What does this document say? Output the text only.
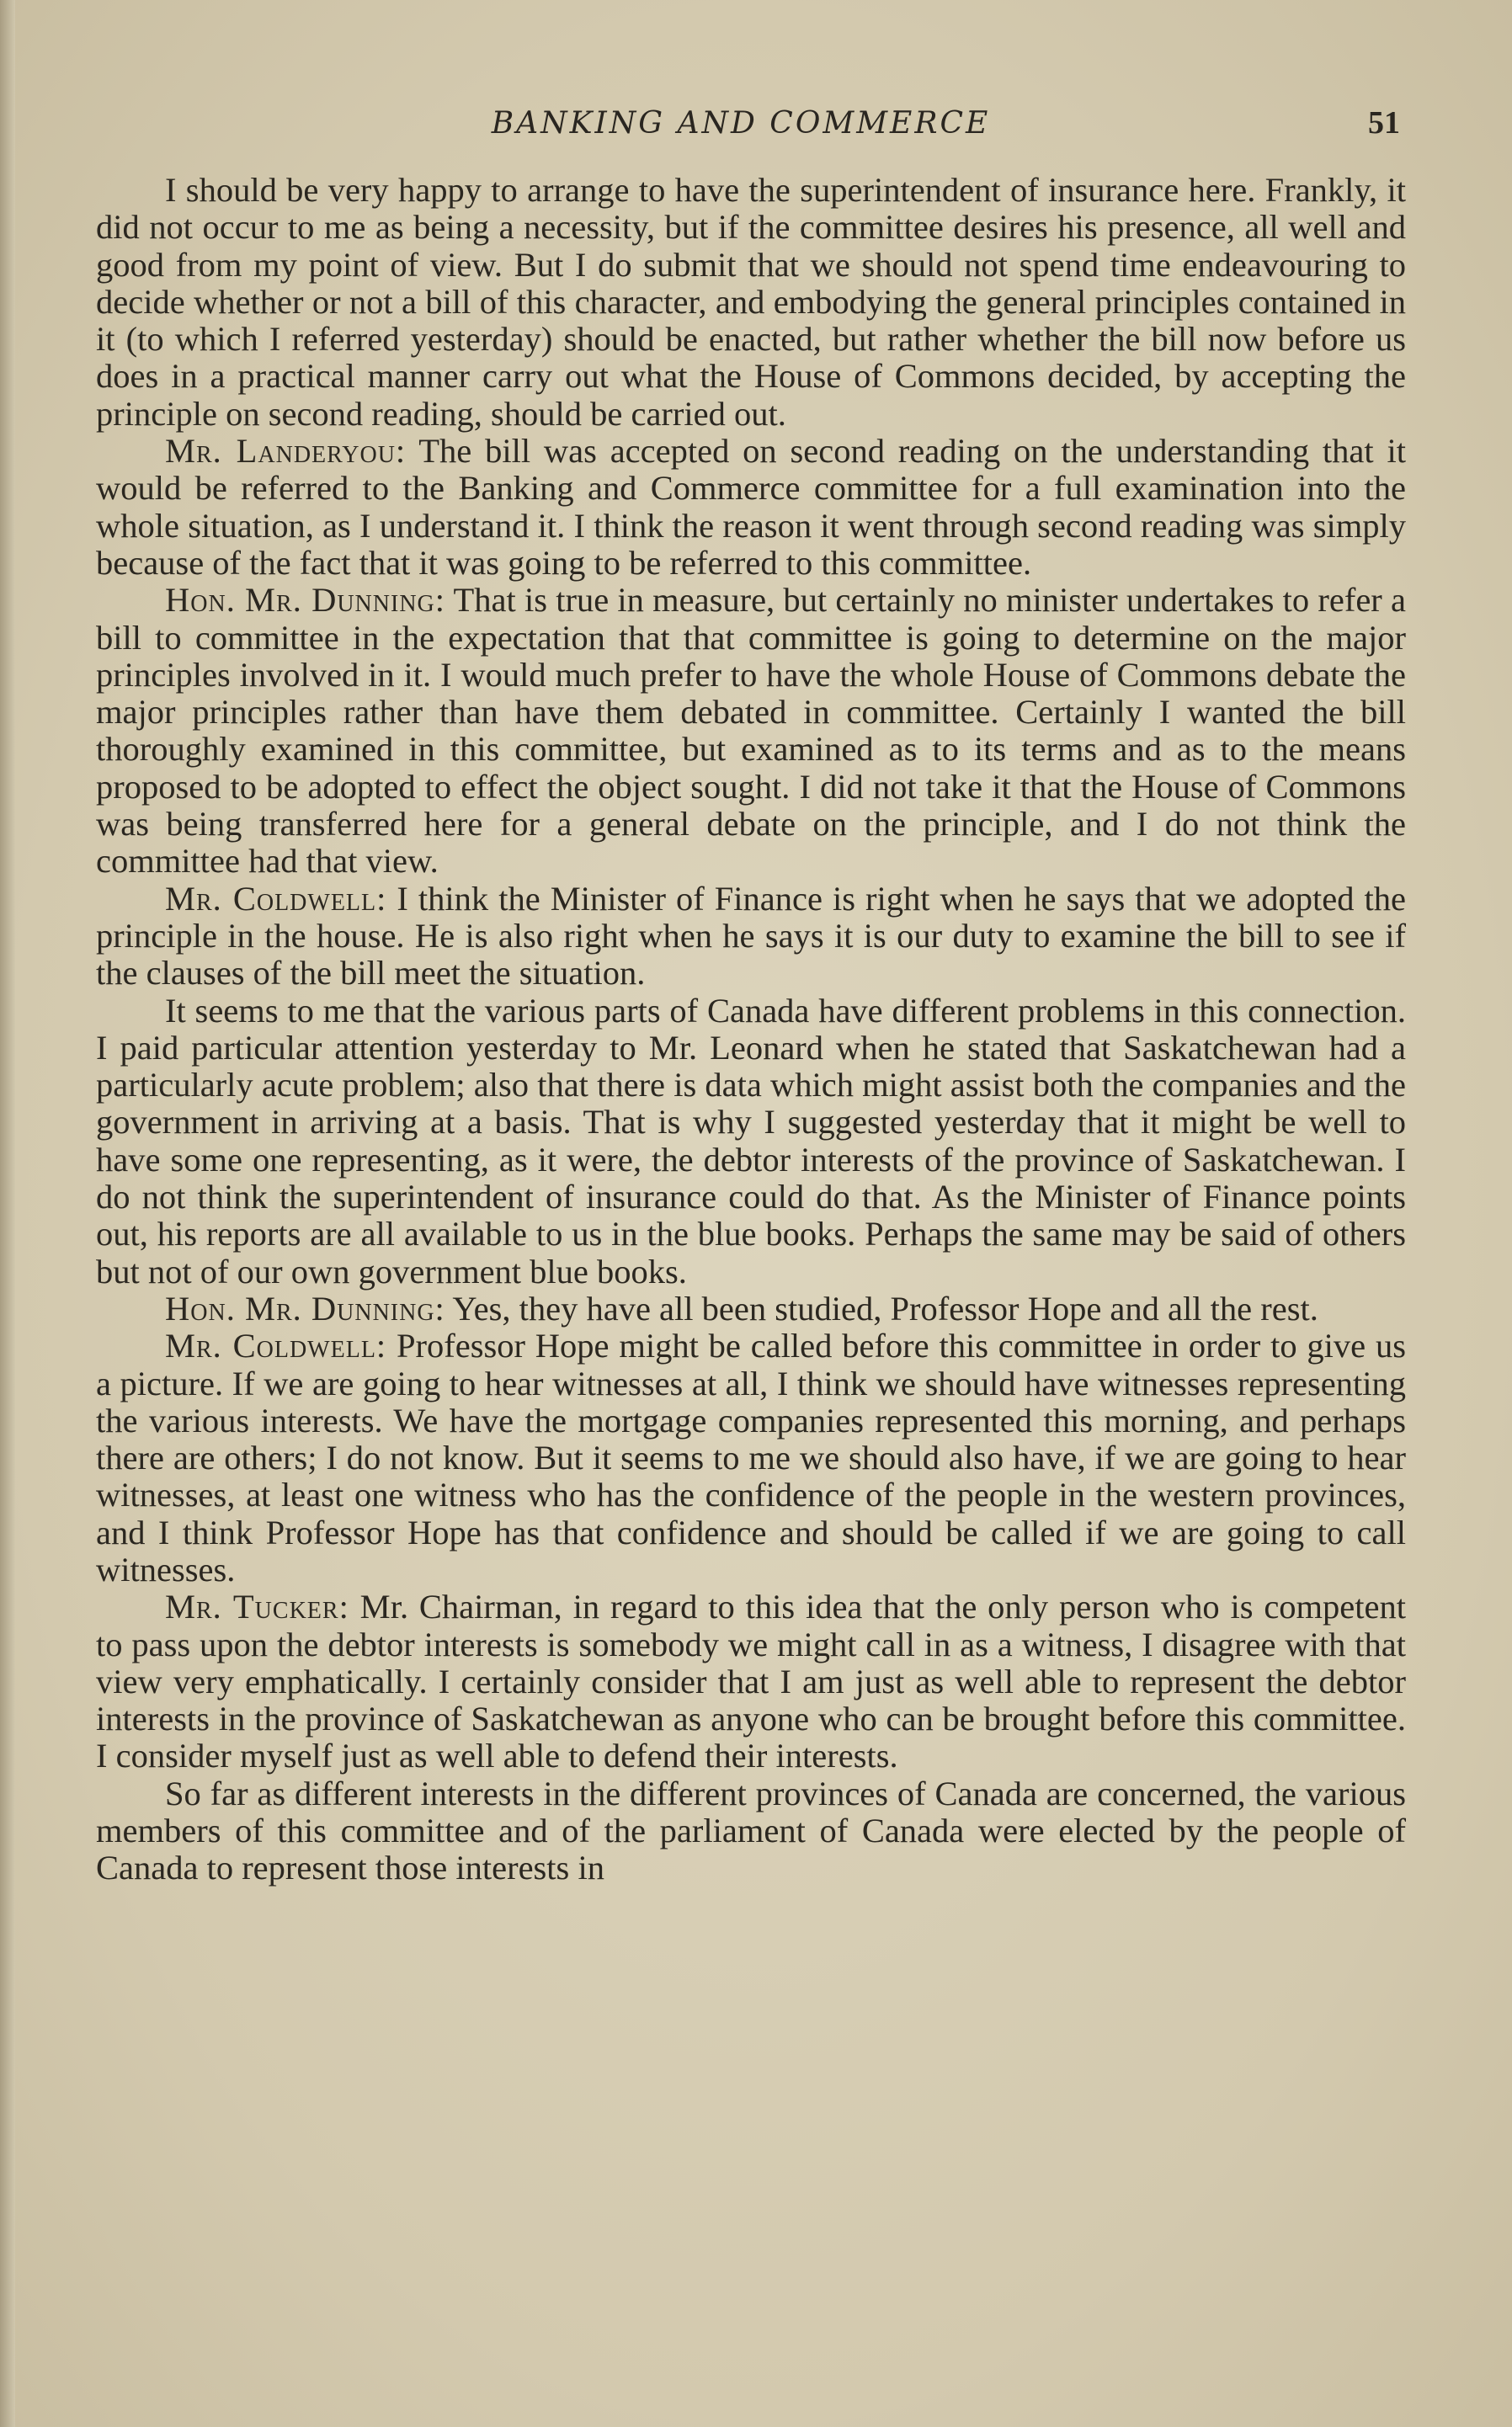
BANKING AND COMMERCE	51

I should be very happy to arrange to have the superintendent of insurance here. Frankly, it did not occur to me as being a necessity, but if the committee desires his presence, all well and good from my point of view. But I do submit that we should not spend time endeavouring to decide whether or not a bill of this character, and embodying the general principles contained in it (to which I referred yesterday) should be enacted, but rather whether the bill now before us does in a practical manner carry out what the House of Commons decided, by accepting the principle on second reading, should be carried out.

Mr. Landeryou: The bill was accepted on second reading on the understanding that it would be referred to the Banking and Commerce committee for a full examination into the whole situation, as I understand it. I think the reason it went through second reading was simply because of the fact that it was going to be referred to this committee.

Hon. Mr. Dunning: That is true in measure, but certainly no minister undertakes to refer a bill to committee in the expectation that that committee is going to determine on the major principles involved in it. I would much prefer to have the whole House of Commons debate the major principles rather than have them debated in committee. Certainly I wanted the bill thoroughly examined in this committee, but examined as to its terms and as to the means proposed to be adopted to effect the object sought. I did not take it that the House of Commons was being transferred here for a general debate on the principle, and I do not think the committee had that view.

Mr. Coldwell: I think the Minister of Finance is right when he says that we adopted the principle in the house. He is also right when he says it is our duty to examine the bill to see if the clauses of the bill meet the situation.

It seems to me that the various parts of Canada have different problems in this connection. I paid particular attention yesterday to Mr. Leonard when he stated that Saskatchewan had a particularly acute problem; also that there is data which might assist both the companies and the government in arriving at a basis. That is why I suggested yesterday that it might be well to have some one representing, as it were, the debtor interests of the province of Saskatchewan. I do not think the superintendent of insurance could do that. As the Minister of Finance points out, his reports are all available to us in the blue books. Perhaps the same may be said of others but not of our own government blue books.

Hon. Mr. Dunning: Yes, they have all been studied, Professor Hope and all the rest.

Mr. Coldwell: Professor Hope might be called before this committee in order to give us a picture. If we are going to hear witnesses at all, I think we should have witnesses representing the various interests. We have the mortgage companies represented this morning, and perhaps there are others; I do not know. But it seems to me we should also have, if we are going to hear witnesses, at least one witness who has the confidence of the people in the western provinces, and I think Professor Hope has that confidence and should be called if we are going to call witnesses.

Mr. Tucker: Mr. Chairman, in regard to this idea that the only person who is competent to pass upon the debtor interests is somebody we might call in as a witness, I disagree with that view very emphatically. I certainly consider that I am just as well able to represent the debtor interests in the province of Saskatchewan as anyone who can be brought before this committee. I consider myself just as well able to defend their interests.

So far as different interests in the different provinces of Canada are concerned, the various members of this committee and of the parliament of Canada were elected by the people of Canada to represent those interests in
